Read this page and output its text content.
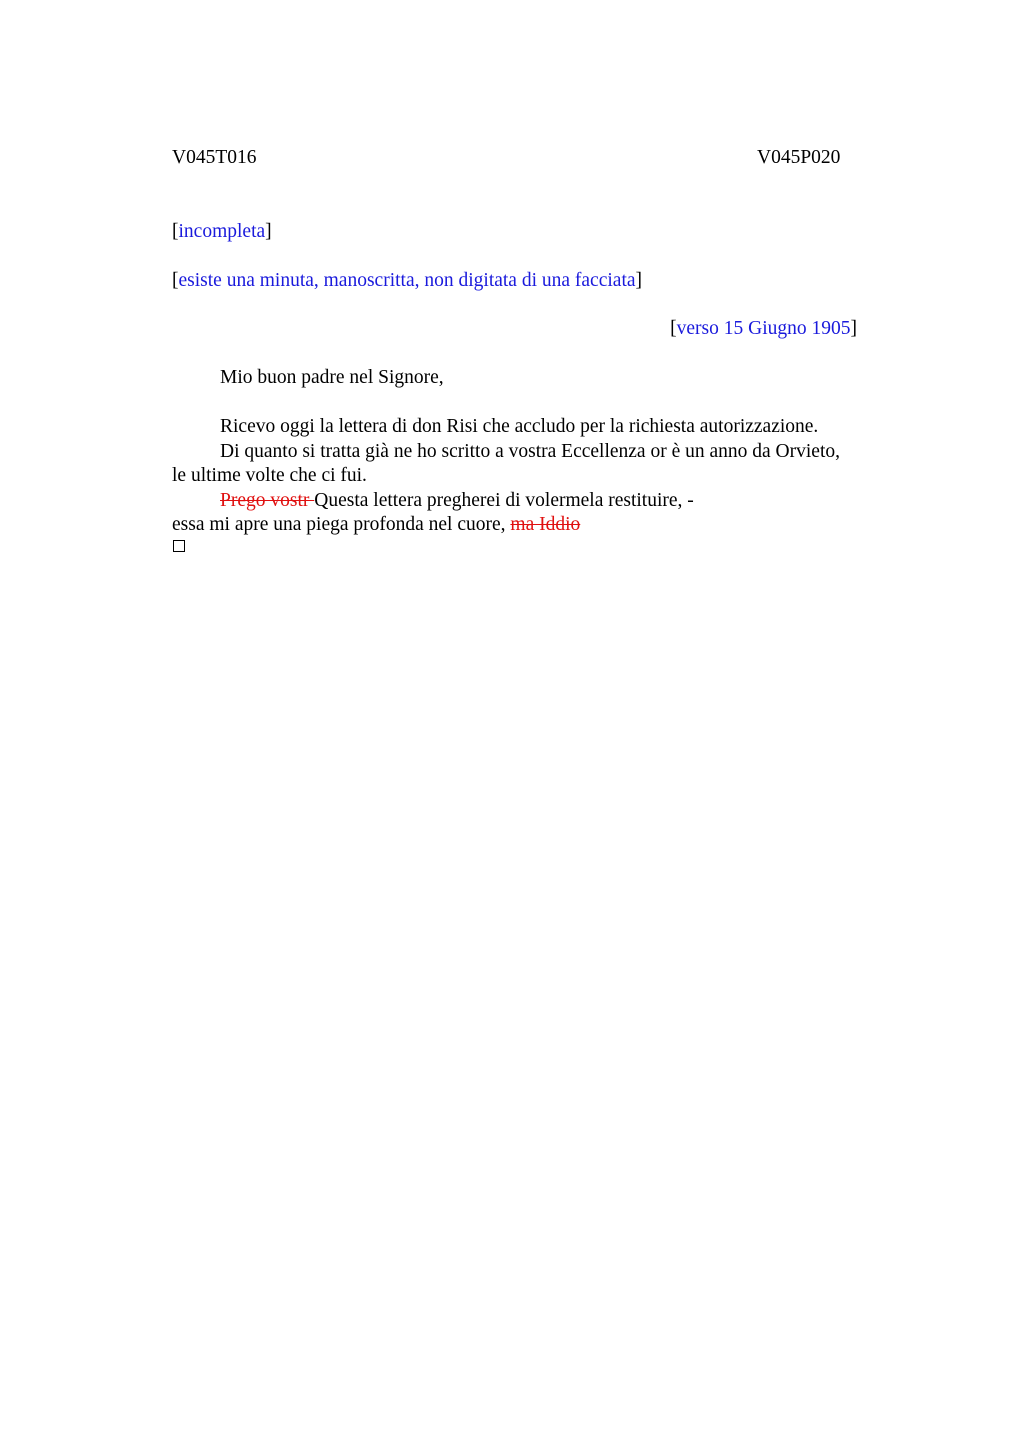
V045T016	V045P020
[incompleta]
[esiste una minuta, manoscritta, non digitata di una facciata]
[verso 15 Giugno 1905]
Mio buon padre nel Signore,
Ricevo oggi la lettera di don Risi che accludo per la richiesta autorizzazione.
Di quanto si tratta già ne ho scritto a vostra Eccellenza or è un anno da Orvieto,
le ultime volte che ci fui.
Prego vostr Questa lettera pregherei di volermela restituire, -
essa mi apre una piega profonda nel cuore, ma Iddio
